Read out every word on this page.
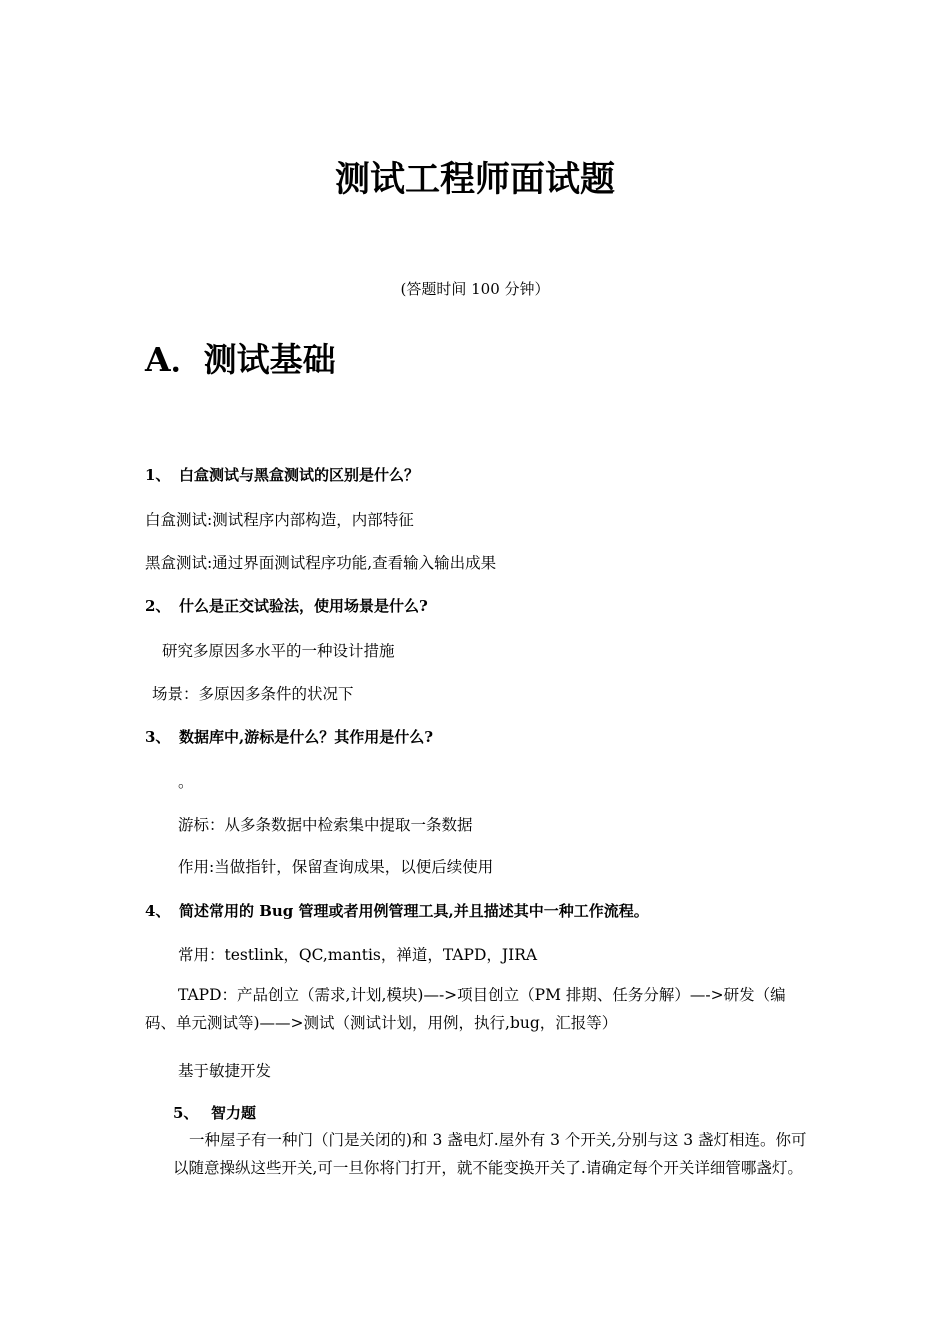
测试工程师面试题
(答题时间 100 分钟）
A．测试基础
1、 白盒测试与黑盒测试的区别是什么？
白盒测试:测试程序内部构造，内部特征
黑盒测试:通过界面测试程序功能,查看输入输出成果
2、 什么是正交试验法，使用场景是什么?
研究多原因多水平的一种设计措施
场景：多原因多条件的状况下
3、 数据库中,游标是什么？其作用是什么?
。
游标：从多条数据中检索集中提取一条数据
作用:当做指针，保留查询成果，以便后续使用
4、 简述常用的 Bug 管理或者用例管理工具,并且描述其中一种工作流程。
常用：testlink，QC,mantis，禅道，TAPD，JIRA
TAPD：产品创立（需求,计划,模块)—->项目创立（PM 排期、任务分解）—->研发（编码、单元测试等)——>测试（测试计划，用例，执行,bug，汇报等）
基于敏捷开发
5、 智力题
一种屋子有一种门（门是关闭的)和 3 盏电灯.屋外有 3 个开关,分别与这 3 盏灯相连。你可以随意操纵这些开关,可一旦你将门打开，就不能变换开关了.请确定每个开关详细管哪盏灯。
